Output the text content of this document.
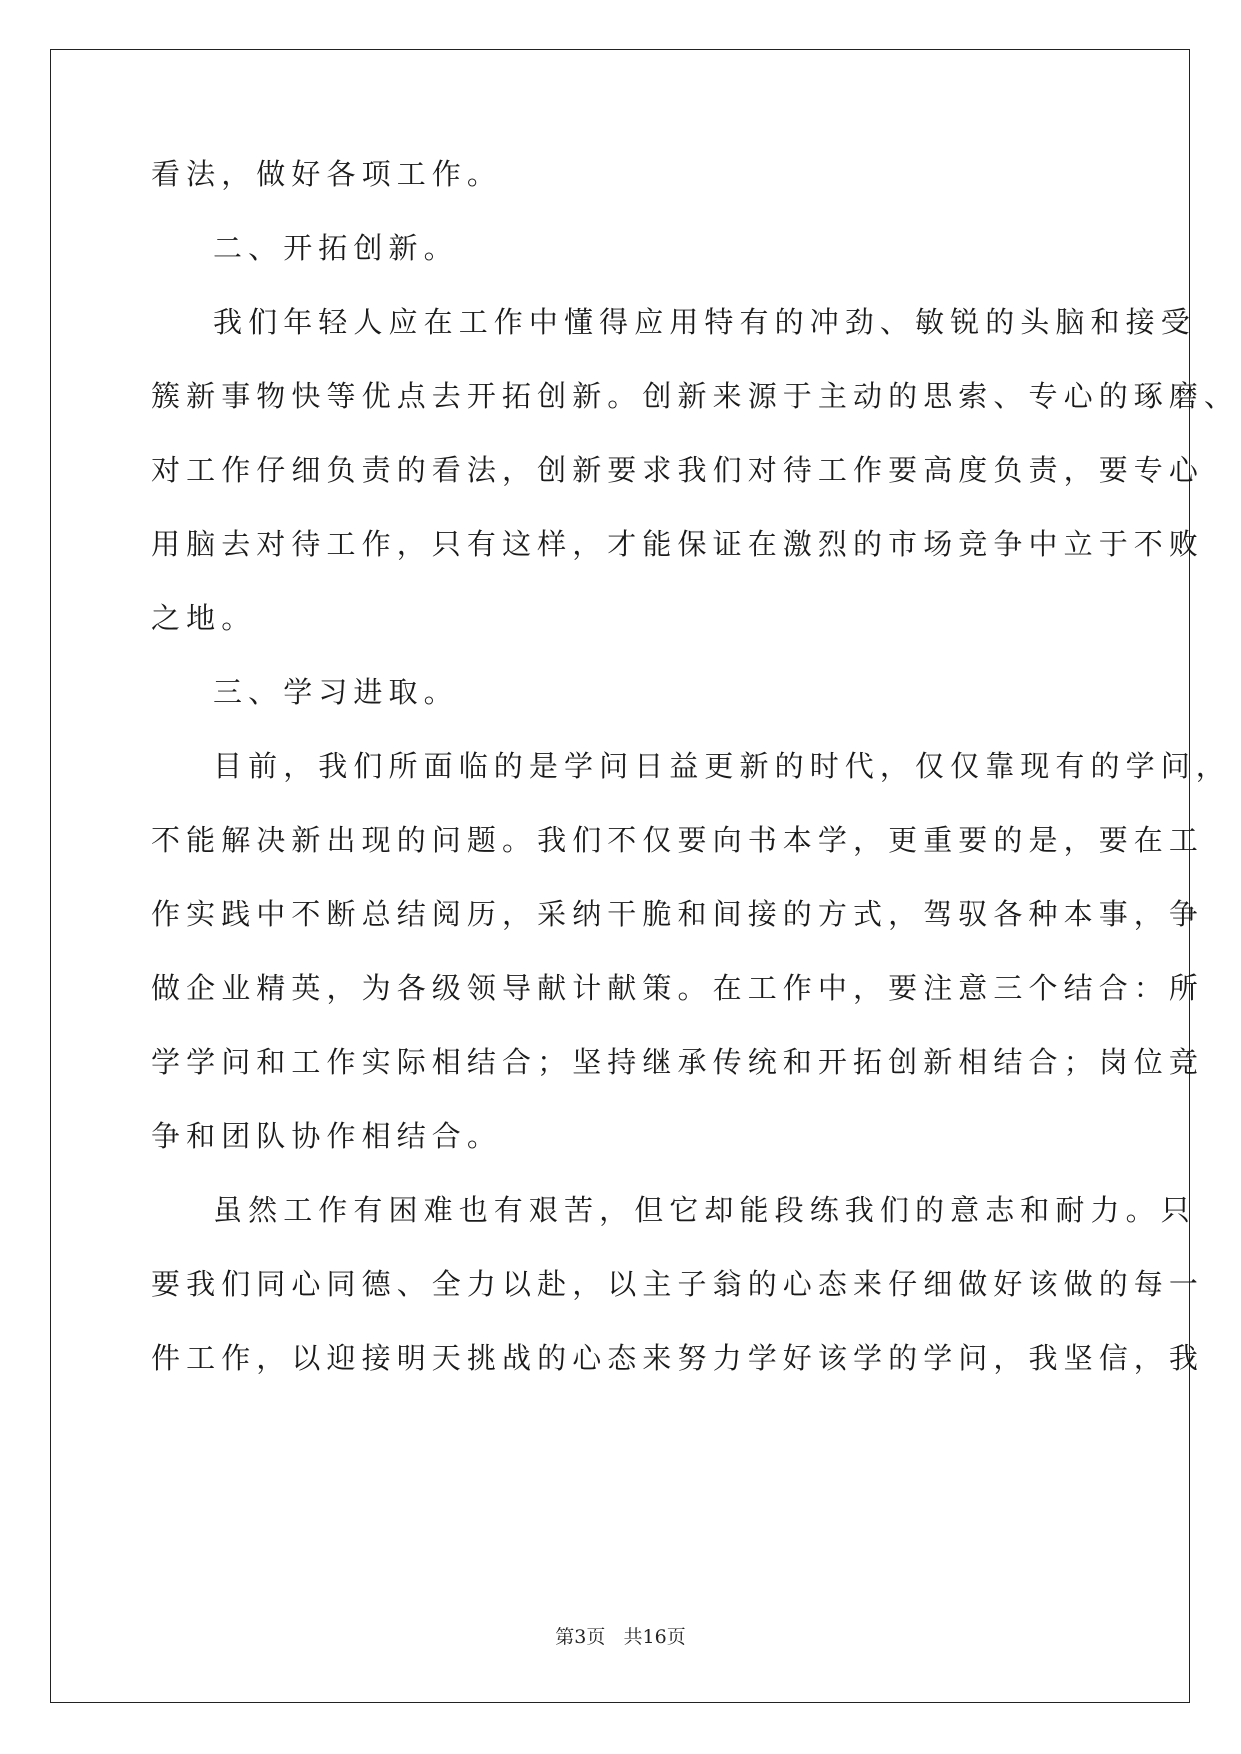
看法，做好各项工作。
二、开拓创新。
我们年轻人应在工作中懂得应用特有的冲劲、敏锐的头脑和接受
簇新事物快等优点去开拓创新。创新来源于主动的思索、专心的琢磨、
对工作仔细负责的看法，创新要求我们对待工作要高度负责，要专心
用脑去对待工作，只有这样，才能保证在激烈的市场竞争中立于不败
之地。
三、学习进取。
目前，我们所面临的是学问日益更新的时代，仅仅靠现有的学问，
不能解决新出现的问题。我们不仅要向书本学，更重要的是，要在工
作实践中不断总结阅历，采纳干脆和间接的方式，驾驭各种本事，争
做企业精英，为各级领导献计献策。在工作中，要注意三个结合：所
学学问和工作实际相结合；坚持继承传统和开拓创新相结合；岗位竞
争和团队协作相结合。
虽然工作有困难也有艰苦，但它却能段练我们的意志和耐力。只
要我们同心同德、全力以赴，以主子翁的心态来仔细做好该做的每一
件工作，以迎接明天挑战的心态来努力学好该学的学问，我坚信，我
第3页 共16页
